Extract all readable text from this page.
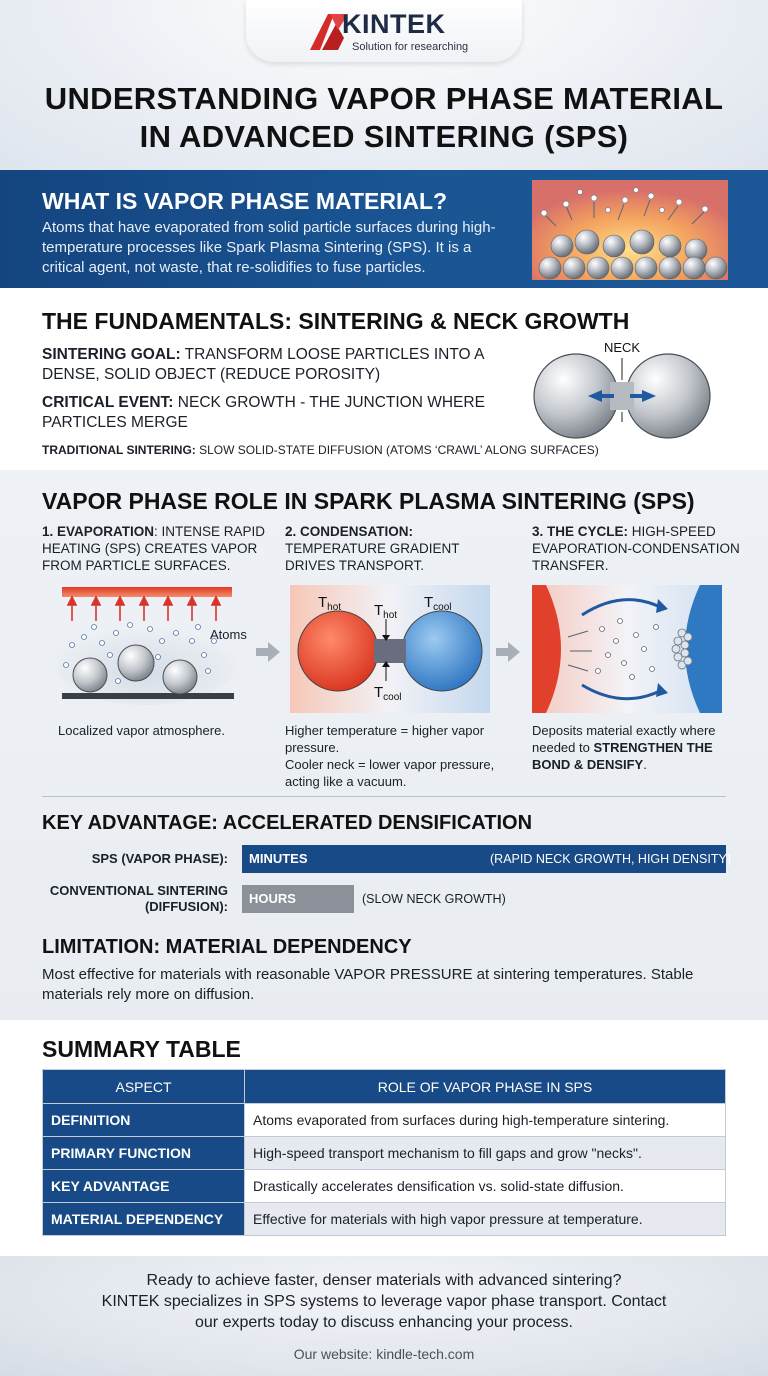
KINTEK
Solution for researching
UNDERSTANDING VAPOR PHASE MATERIAL
IN ADVANCED SINTERING (SPS)
WHAT IS VAPOR PHASE MATERIAL?
Atoms that have evaporated from solid particle surfaces during high-temperature processes like Spark Plasma Sintering (SPS). It is a critical agent, not waste, that re-solidifies to fuse particles.
THE FUNDAMENTALS: SINTERING & NECK GROWTH
SINTERING GOAL: TRANSFORM LOOSE PARTICLES INTO A DENSE, SOLID OBJECT (REDUCE POROSITY)
CRITICAL EVENT: NECK GROWTH - THE JUNCTION WHERE PARTICLES MERGE
TRADITIONAL SINTERING: SLOW SOLID-STATE DIFFUSION (ATOMS ‘CRAWL’ ALONG SURFACES)
NECK
VAPOR PHASE ROLE IN SPARK PLASMA SINTERING (SPS)
1. EVAPORATION: INTENSE RAPID HEATING (SPS) CREATES VAPOR FROM PARTICLE SURFACES.
2. CONDENSATION: TEMPERATURE GRADIENT DRIVES TRANSPORT.
3. THE CYCLE: HIGH-SPEED EVAPORATION-CONDENSATION TRANSFER.
Atoms
$T_{hot}$ $T_{hot}$
$T_{cool}$
$T_{cool}$
Localized vapor atmosphere.	Higher temperature = higher vapor pressure.
Cooler neck = lower vapor pressure, acting like a vacuum.
Deposits material exactly where needed to STRENGTHEN THE BOND & DENSIFY.
KEY ADVANTAGE: ACCELERATED DENSIFICATION
SPS (VAPOR PHASE):	MINUTES	(RAPID NECK GROWTH, HIGH DENSITY)
CONVENTIONAL SINTERING
(DIFFUSION):
HOURS	(SLOW NECK GROWTH)
LIMITATION: MATERIAL DEPENDENCY
Most effective for materials with reasonable VAPOR PRESSURE at sintering temperatures. Stable materials rely more on diffusion.
SUMMARY TABLE
ASPECT	ROLE OF VAPOR PHASE IN SPS
DEFINITION	Atoms evaporated from surfaces during high-temperature sintering.
PRIMARY FUNCTION	High-speed transport mechanism to fill gaps and grow "necks".
KEY ADVANTAGE	Drastically accelerates densification vs. solid-state diffusion.
MATERIAL DEPENDENCY	Effective for materials with high vapor pressure at temperature.
Ready to achieve faster, denser materials with advanced sintering?
KINTEK specializes in SPS systems to leverage vapor phase transport. Contact
our experts today to discuss enhancing your process.
Our website: kindle-tech.com
